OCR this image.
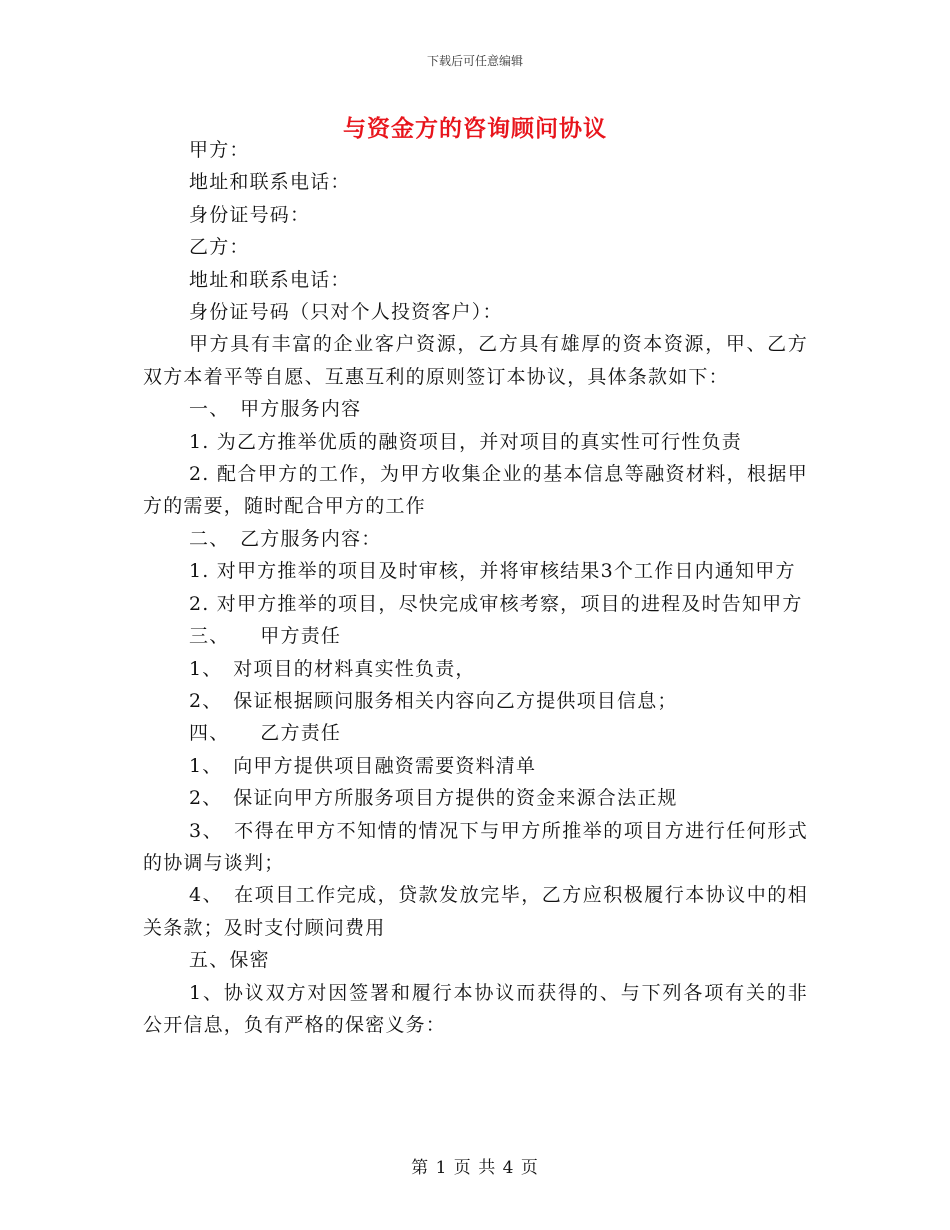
下载后可任意编辑
与资金方的咨询顾问协议

甲方：

地址和联系电话：

身份证号码：

乙方：

地址和联系电话：

身份证号码（只对个人投资客户）：

甲方具有丰富的企业客户资源，乙方具有雄厚的资本资源，甲、乙方双方本着平等自愿、互惠互利的原则签订本协议，具体条款如下：

一、　甲方服务内容

1. 为乙方推举优质的融资项目，并对项目的真实性可行性负责

2. 配合甲方的工作，为甲方收集企业的基本信息等融资材料，根据甲方的需要，随时配合甲方的工作

二、　乙方服务内容：

1. 对甲方推举的项目及时审核，并将审核结果3个工作日内通知甲方

2. 对甲方推举的项目，尽快完成审核考察，项目的进程及时告知甲方

三、　　甲方责任

1、　对项目的材料真实性负责，

2、　保证根据顾问服务相关内容向乙方提供项目信息；

四、　　乙方责任

1、　向甲方提供项目融资需要资料清单

2、　保证向甲方所服务项目方提供的资金来源合法正规

3、　不得在甲方不知情的情况下与甲方所推举的项目方进行任何形式的协调与谈判；

4、　在项目工作完成，贷款发放完毕，乙方应积极履行本协议中的相关条款；及时支付顾问费用

五、保密

1、协议双方对因签署和履行本协议而获得的、与下列各项有关的非公开信息，负有严格的保密义务：

第 1 页 共 4 页
